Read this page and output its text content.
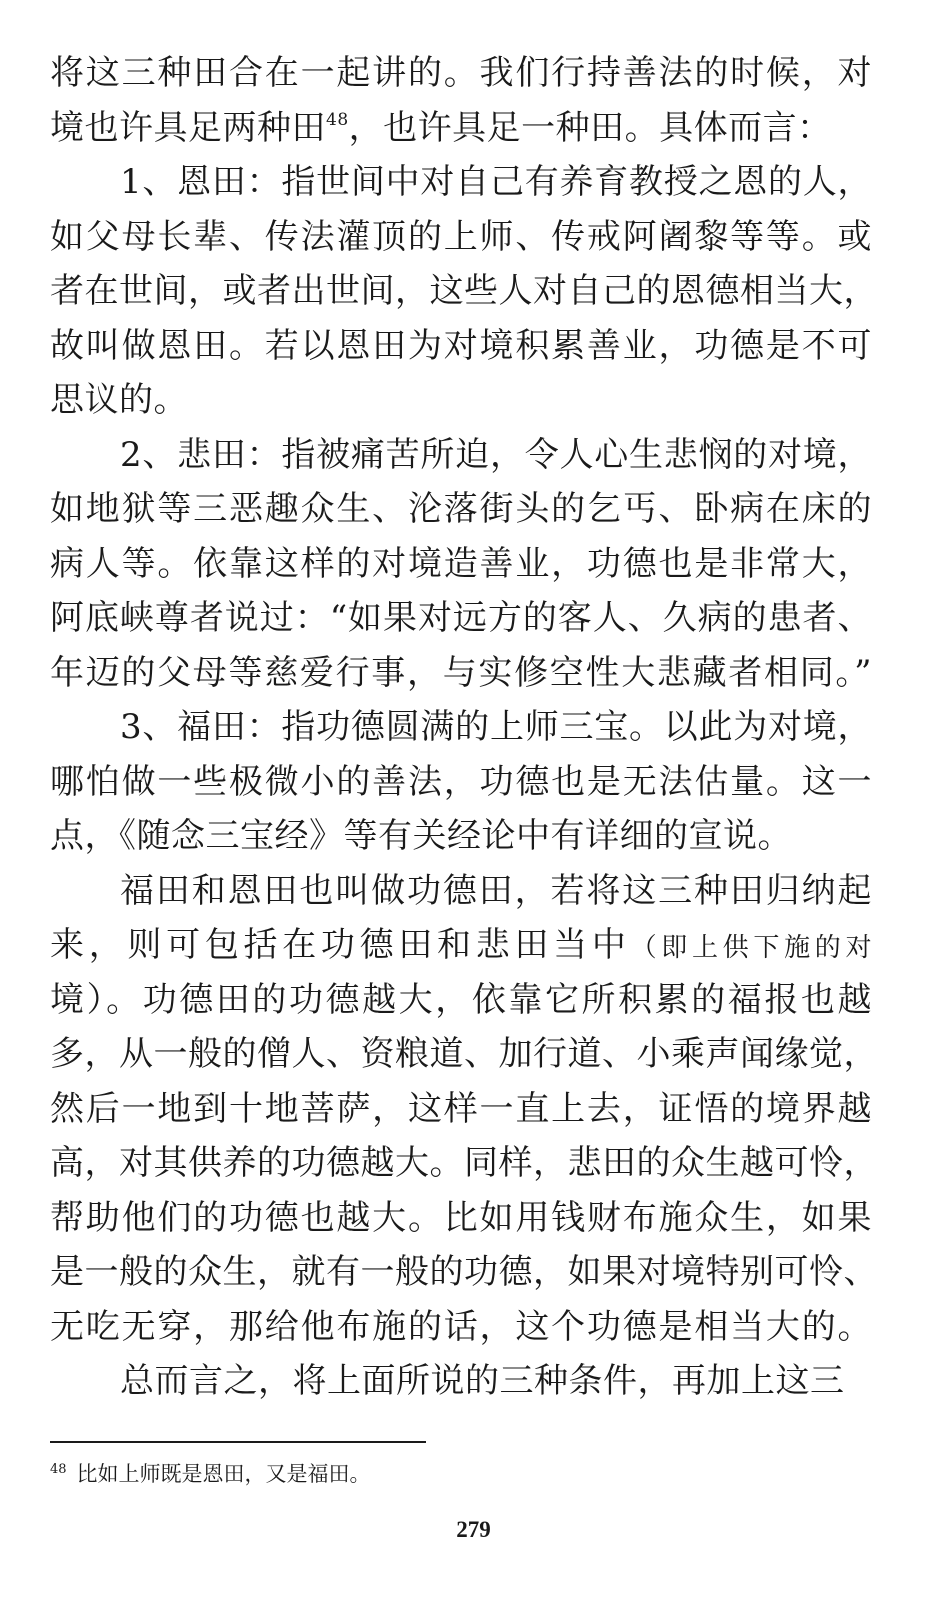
将这三种田合在一起讲的。我们行持善法的时候，对
境也许具足两种田$^{48}$，也许具足一种田。具体而言：
1、恩田：指世间中对自己有养育教授之恩的人，
如父母长辈、传法灌顶的上师、传戒阿阇黎等等。或
者在世间，或者出世间，这些人对自己的恩德相当大，
故叫做恩田。若以恩田为对境积累善业，功德是不可
思议的。
2、悲田：指被痛苦所迫，令人心生悲悯的对境，
如地狱等三恶趣众生、沦落街头的乞丐、卧病在床的
病人等。依靠这样的对境造善业，功德也是非常大，
阿底峡尊者说过：“如果对远方的客人、久病的患者、
年迈的父母等慈爱行事，与实修空性大悲藏者相同。”
3、福田：指功德圆满的上师三宝。以此为对境，
哪怕做一些极微小的善法，功德也是无法估量。这一
点，《随念三宝经》等有关经论中有详细的宣说。
福田和恩田也叫做功德田，若将这三种田归纳起
来，则可包括在功德田和悲田当中（即上供下施的对
境）。功德田的功德越大，依靠它所积累的福报也越
多，从一般的僧人、资粮道、加行道、小乘声闻缘觉，
然后一地到十地菩萨，这样一直上去，证悟的境界越
高，对其供养的功德越大。同样，悲田的众生越可怜，
帮助他们的功德也越大。比如用钱财布施众生，如果
是一般的众生，就有一般的功德，如果对境特别可怜、
无吃无穿，那给他布施的话，这个功德是相当大的。
总而言之，将上面所说的三种条件，再加上这三
$^{48}$ 比如上师既是恩田，又是福田。
279
